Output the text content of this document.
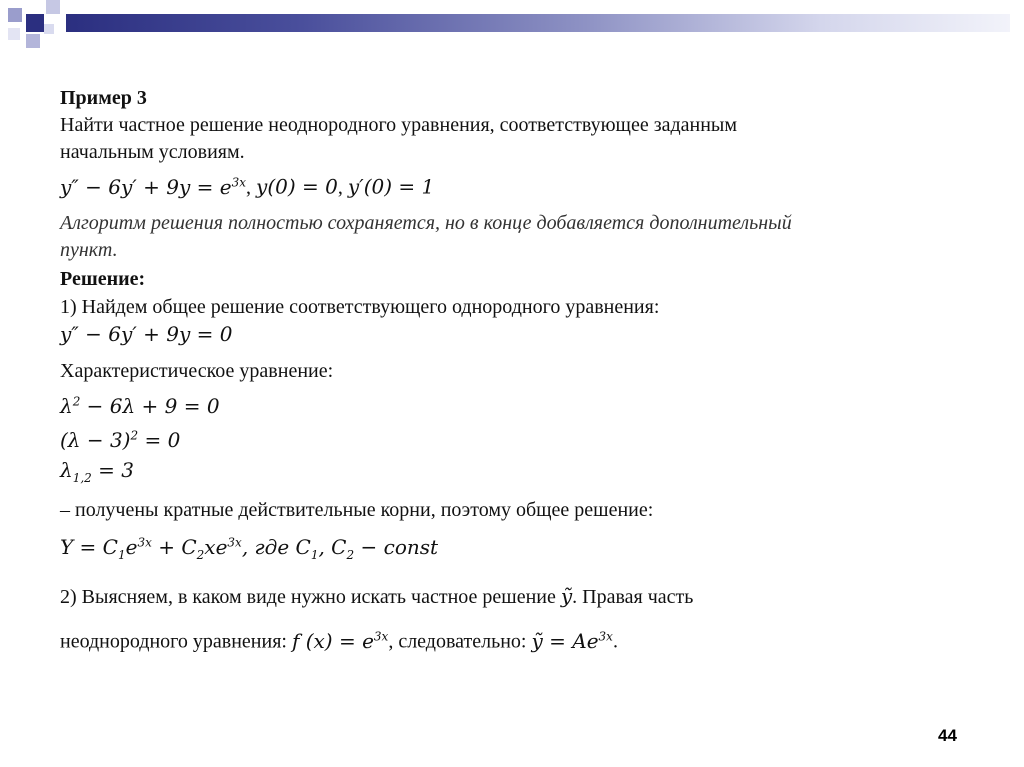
Пример 3
Найти частное решение неоднородного уравнения, соответствующее заданным
начальным условиям.
$y'' - 6y' + 9y = e^{3x}$, y(0) = 0, y′(0) = 1
Алгоритм решения полностью сохраняется, но в конце добавляется дополнительный
пункт.
Решение:
1) Найдем общее решение соответствующего однородного уравнения:
y″ − 6y′ + 9y = 0
Характеристическое уравнение:
$\lambda^2 - 6\lambda + 9 = 0$
$(\lambda - 3)^2 = 0$
$\lambda_{1,2} = 3$
– получены кратные действительные корни, поэтому общее решение:
$Y = C_1e^{3x} + C_2xe^{3x}$, где $C_1$, $C_2$ − const
2) Выясняем, в каком виде нужно искать частное решение ỹ. Правая часть
неоднородного уравнения: f $(x) = e^{3x}$, следовательно: ỹ = $Ae^{3x}$.
44
